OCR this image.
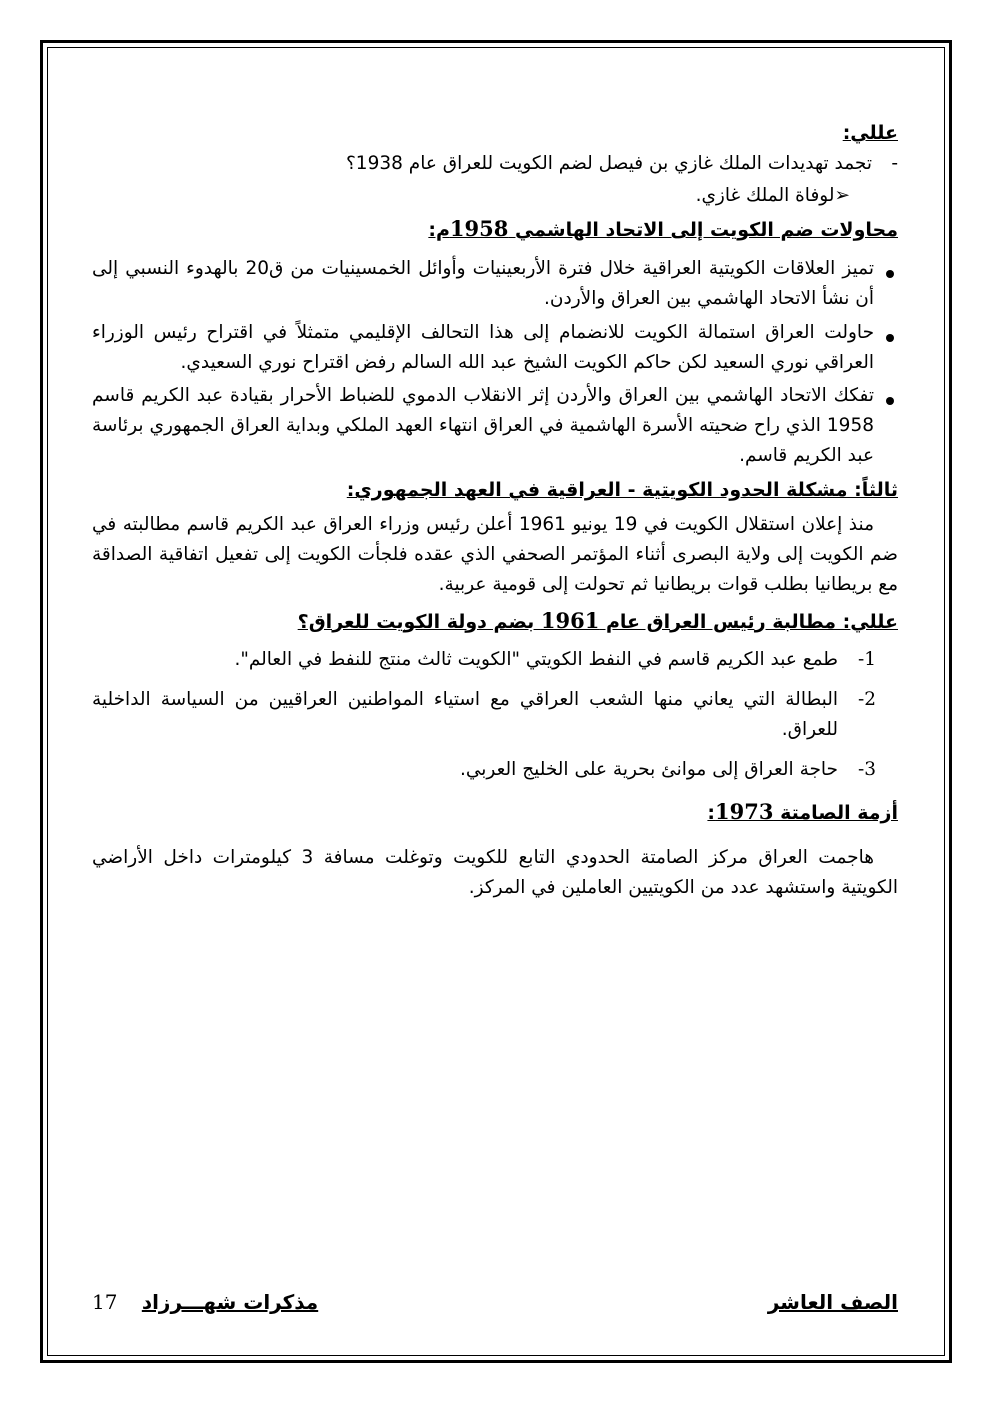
عللي:

-
تجمد تهديدات الملك غازي بن فيصل لضم الكويت للعراق عام 1938؟

➢لوفاة الملك غازي.

محاولات ضم الكويت إلى الاتحاد الهاشمي 1958م:

تميز العلاقات الكويتية العراقية خلال فترة الأربعينيات وأوائل الخمسينيات من ق20 بالهدوء النسبي إلى أن نشأ الاتحاد الهاشمي بين العراق والأردن.
حاولت العراق استمالة الكويت للانضمام إلى هذا التحالف الإقليمي متمثلاً في اقتراح رئيس الوزراء العراقي نوري السعيد لكن حاكم الكويت الشيخ عبد الله السالم رفض اقتراح نوري السعيدي.
تفكك الاتحاد الهاشمي بين العراق والأردن إثر الانقلاب الدموي للضباط الأحرار بقيادة عبد الكريم قاسم 1958 الذي راح ضحيته الأسرة الهاشمية في العراق انتهاء العهد الملكي وبداية العراق الجمهوري برئاسة عبد الكريم قاسم.

ثالثاً: مشكلة الحدود الكويتية - العراقية في العهد الجمهوري:

منذ إعلان استقلال الكويت في 19 يونيو 1961 أعلن رئيس وزراء العراق عبد الكريم قاسم مطالبته في ضم الكويت إلى ولاية البصرى أثناء المؤتمر الصحفي الذي عقده فلجأت الكويت إلى تفعيل اتفاقية الصداقة مع بريطانيا بطلب قوات بريطانيا ثم تحولت إلى قومية عربية.

عللي: مطالبة رئيس العراق عام 1961 بضم دولة الكويت للعراق؟

1-
طمع عبد الكريم قاسم في النفط الكويتي "الكويت ثالث منتج للنفط في العالم".
2-
البطالة التي يعاني منها الشعب العراقي مع استياء المواطنين العراقيين من السياسة الداخلية للعراق.
3-
حاجة العراق إلى موانئ بحرية على الخليج العربي.

أزمة الصامتة 1973:

هاجمت العراق مركز الصامتة الحدودي التابع للكويت وتوغلت مسافة 3 كيلومترات داخل الأراضي الكويتية واستشهد عدد من الكويتيين العاملين في المركز.

الصف العاشر
17 مذكرات شهـــرزاد
